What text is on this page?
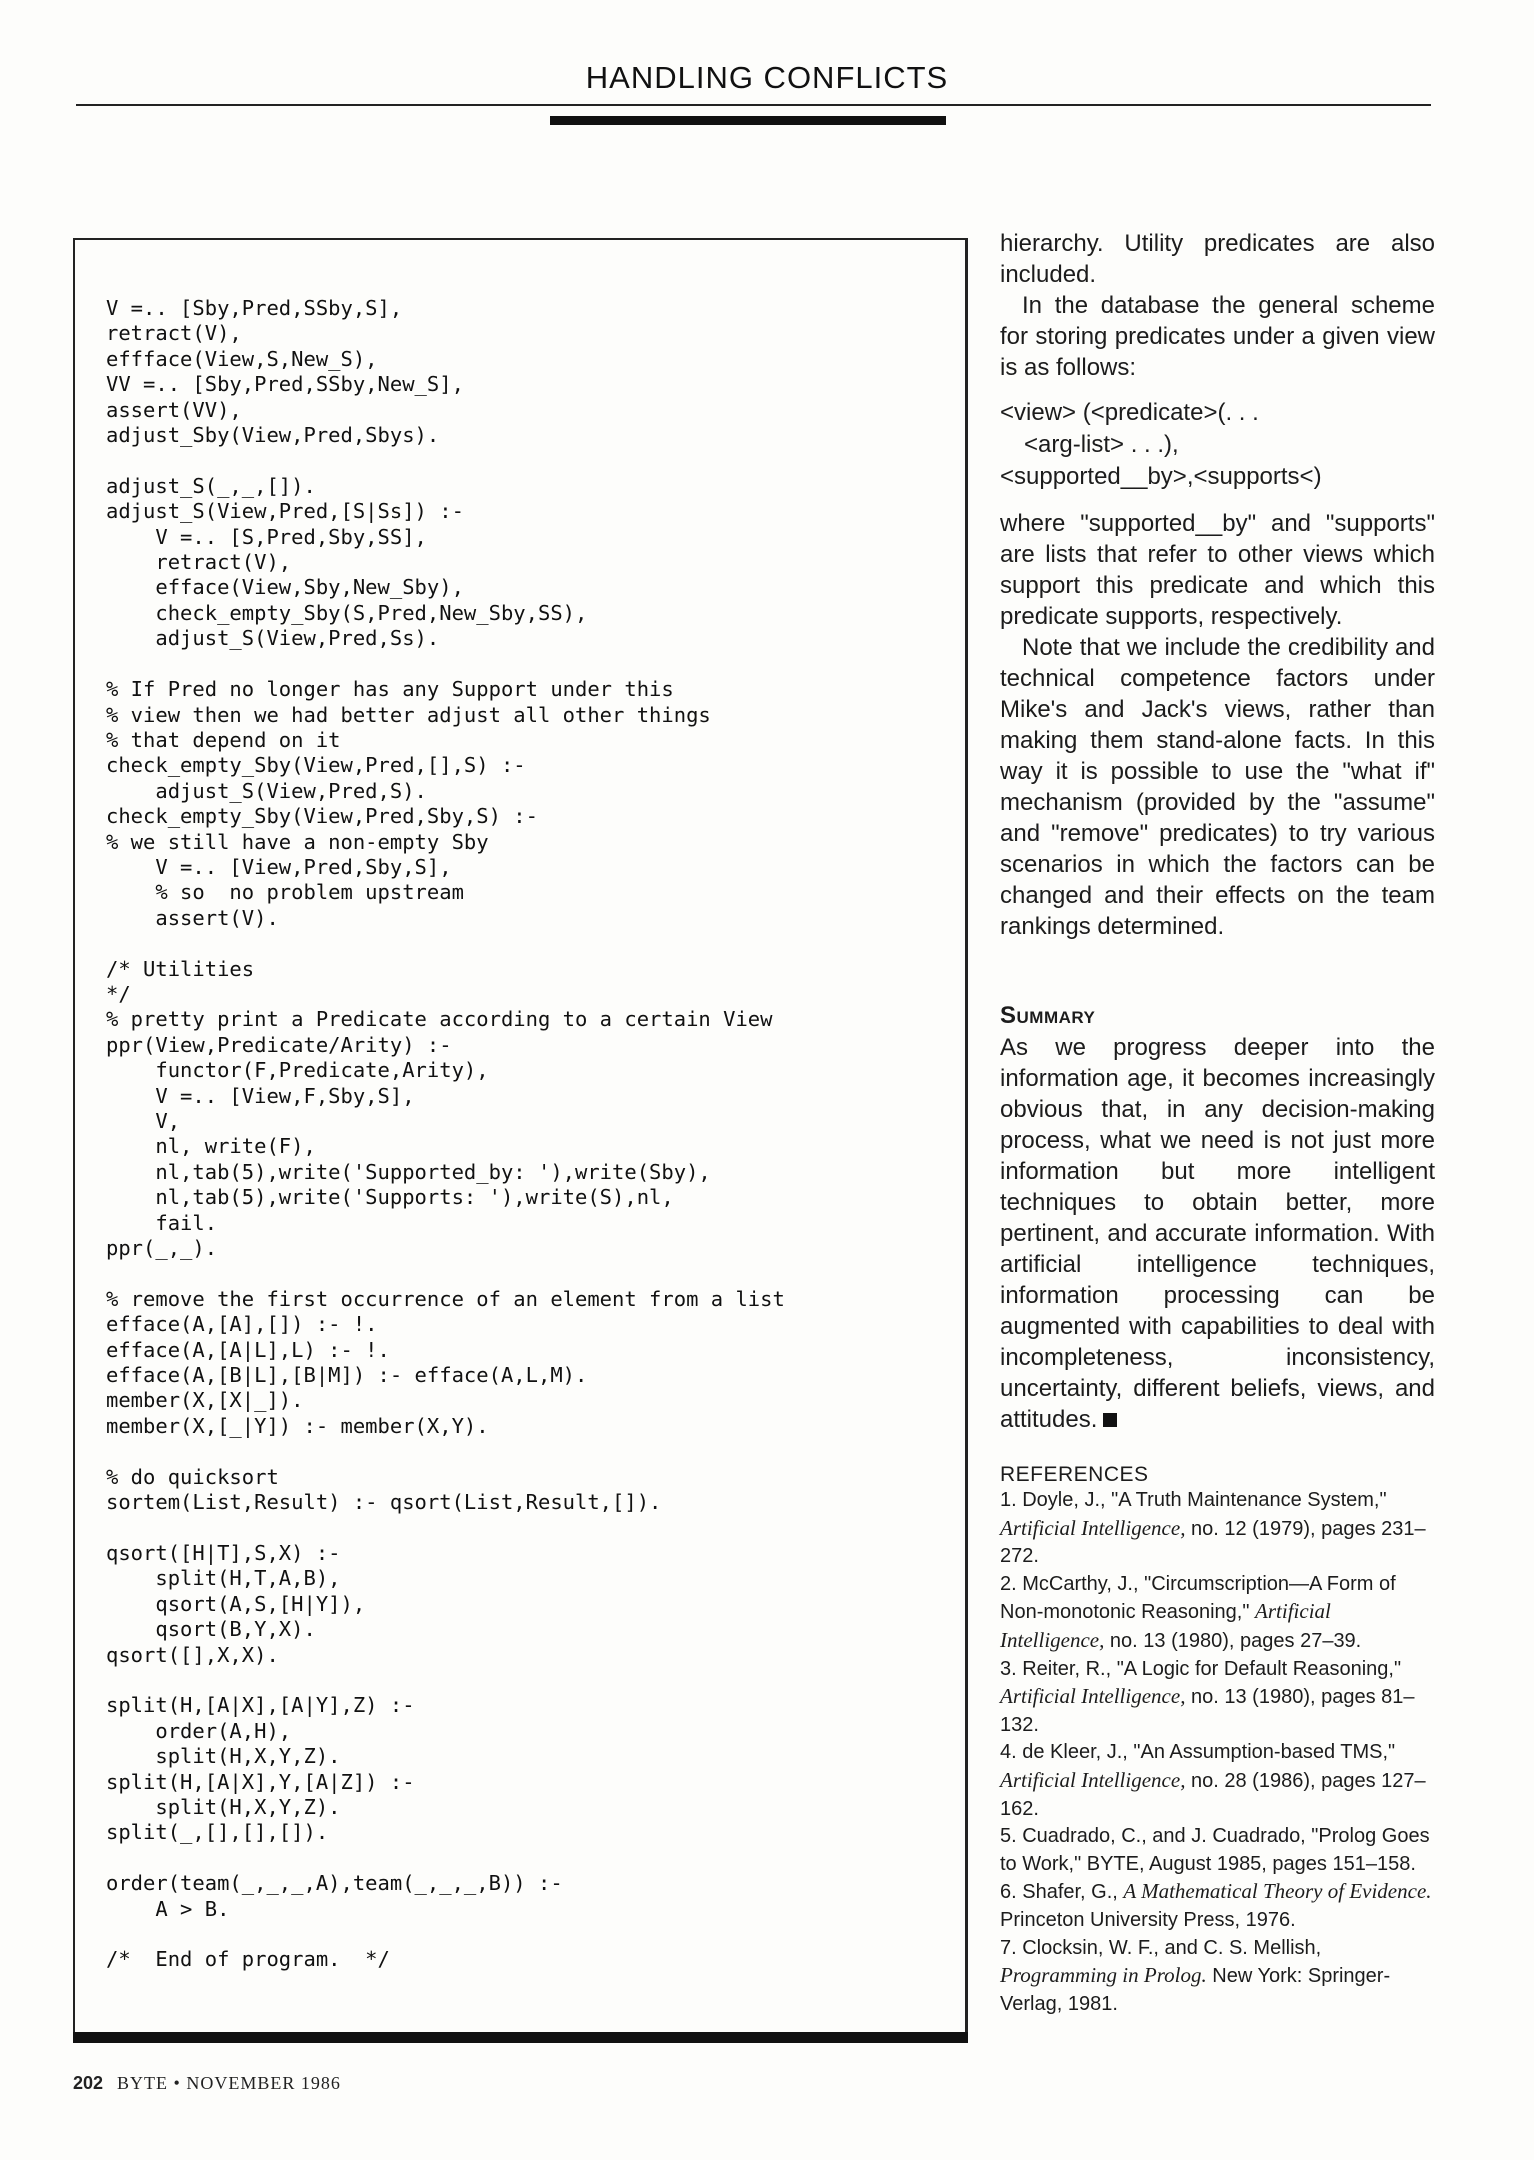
HANDLING CONFLICTS
V =.. [Sby,Pred,SSby,S],
retract(V),
effface(View,S,New_S),
VV =.. [Sby,Pred,SSby,New_S],
assert(VV),
adjust_Sby(View,Pred,Sbys).

adjust_S(_,_,[]).
adjust_S(View,Pred,[S|Ss]) :-
V =.. [S,Pred,Sby,SS],
retract(V),
efface(View,Sby,New_Sby),
check_empty_Sby(S,Pred,New_Sby,SS),
adjust_S(View,Pred,Ss).

% If Pred no longer has any Support under this
% view then we had better adjust all other things
% that depend on it
check_empty_Sby(View,Pred,[],S) :-
adjust_S(View,Pred,S).
check_empty_Sby(View,Pred,Sby,S) :-
% we still have a non-empty Sby
V =.. [View,Pred,Sby,S],
% so  no problem upstream
assert(V).

/* Utilities
*/
% pretty print a Predicate according to a certain View
ppr(View,Predicate/Arity) :-
functor(F,Predicate,Arity),
V =.. [View,F,Sby,S],
V,
nl, write(F),
nl,tab(5),write('Supported_by: '),write(Sby),
nl,tab(5),write('Supports: '),write(S),nl,
fail.
ppr(_,_).

% remove the first occurrence of an element from a list
efface(A,[A],[]) :- !.
efface(A,[A|L],L) :- !.
efface(A,[B|L],[B|M]) :- efface(A,L,M).
member(X,[X|_]).
member(X,[_|Y]) :- member(X,Y).

% do quicksort
sortem(List,Result) :- qsort(List,Result,[]).

qsort([H|T],S,X) :-
split(H,T,A,B),
qsort(A,S,[H|Y]),
qsort(B,Y,X).
qsort([],X,X).

split(H,[A|X],[A|Y],Z) :-
order(A,H),
split(H,X,Y,Z).
split(H,[A|X],Y,[A|Z]) :-
split(H,X,Y,Z).
split(_,[],[],[]).

order(team(_,_,_,A),team(_,_,_,B)) :-
A > B.

/*  End of program.  */

hierarchy. Utility predicates are also included.

In the database the general scheme for storing predicates under a given view is as follows:

<view> (<predicate>(. . .
<arg-list> . . .),
<supported__by>,<supports<)

where "supported__by" and "supports" are lists that refer to other views which support this predicate and which this predicate supports, respectively.

Note that we include the credibility and technical competence factors under Mike's and Jack's views, rather than making them stand-alone facts. In this way it is possible to use the "what if" mechanism (provided by the "assume" and "remove" predicates) to try various scenarios in which the factors can be changed and their effects on the team rankings determined.

Summary

As we progress deeper into the information age, it becomes increasingly obvious that, in any decision-making process, what we need is not just more information but more intelligent techniques to obtain better, more pertinent, and accurate information. With artificial intelligence techniques, information processing can be augmented with capabilities to deal with incompleteness, inconsistency, uncertainty, different beliefs, views, and attitudes.

REFERENCES

1. Doyle, J., "A Truth Maintenance System," Artificial Intelligence, no. 12 (1979), pages 231–272.

2. McCarthy, J., "Circumscription—A Form of Non-monotonic Reasoning," Artificial Intelligence, no. 13 (1980), pages 27–39.

3. Reiter, R., "A Logic for Default Reasoning," Artificial Intelligence, no. 13 (1980), pages 81–132.

4. de Kleer, J., "An Assumption-based TMS," Artificial Intelligence, no. 28 (1986), pages 127–162.

5. Cuadrado, C., and J. Cuadrado, "Prolog Goes to Work," BYTE, August 1985, pages 151–158.

6. Shafer, G., A Mathematical Theory of Evidence. Princeton University Press, 1976.

7. Clocksin, W. F., and C. S. Mellish, Programming in Prolog. New York: Springer-Verlag, 1981.

202 BYTE • NOVEMBER 1986
